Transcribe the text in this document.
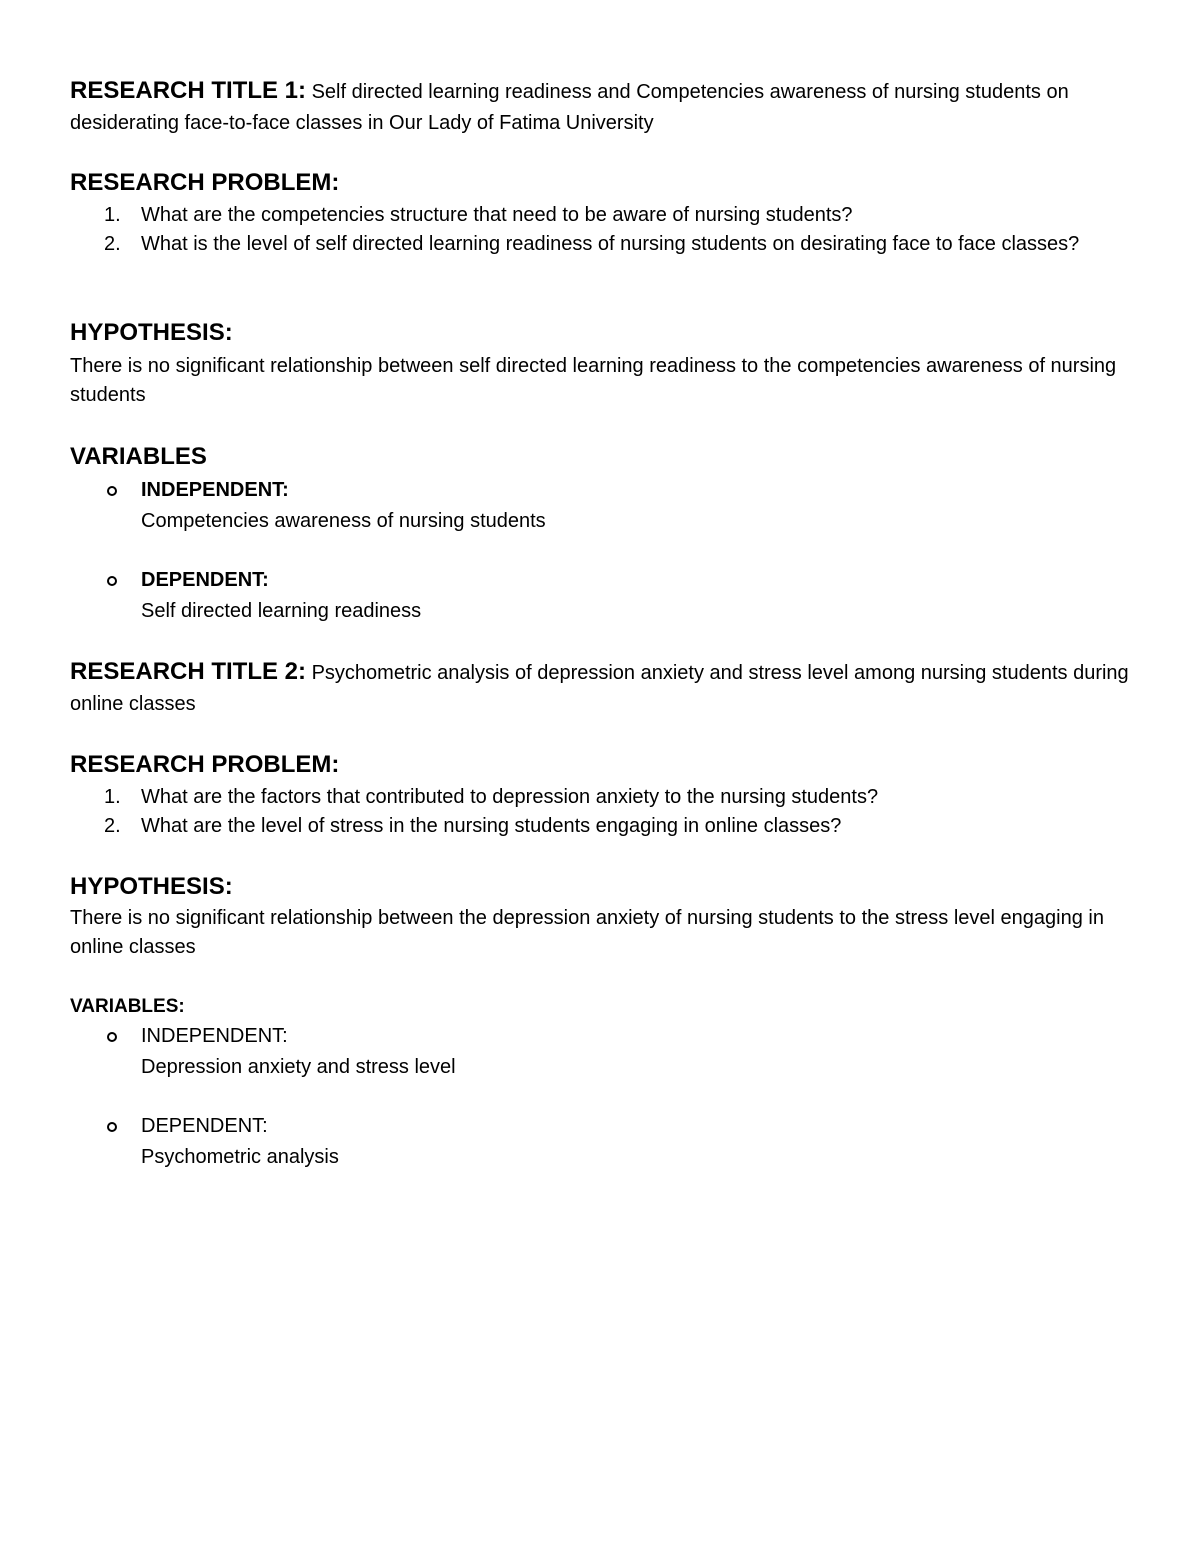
RESEARCH TITLE 1: Self directed learning readiness and Competencies awareness of nursing students on desiderating face-to-face classes in Our Lady of Fatima University

RESEARCH PROBLEM:

1.	What are the competencies structure that need to be aware of nursing students?
2.	What is the level of self directed learning readiness of nursing students on desirating face to face classes?

HYPOTHESIS:

There is no significant relationship between self directed learning readiness to the competencies awareness of nursing students

VARIABLES

INDEPENDENT:
Competencies awareness of nursing students
DEPENDENT:
Self directed learning readiness

RESEARCH TITLE 2: Psychometric analysis of depression anxiety and stress level among nursing students during online classes

RESEARCH PROBLEM:

1.	What are the factors that contributed to depression anxiety to the nursing students?
2.	What are the level of stress in the nursing students engaging in online classes?

HYPOTHESIS:

There is no significant relationship between the depression anxiety of nursing students to the stress level engaging in online classes

VARIABLES:

INDEPENDENT:
Depression anxiety and stress level
DEPENDENT:
Psychometric analysis
